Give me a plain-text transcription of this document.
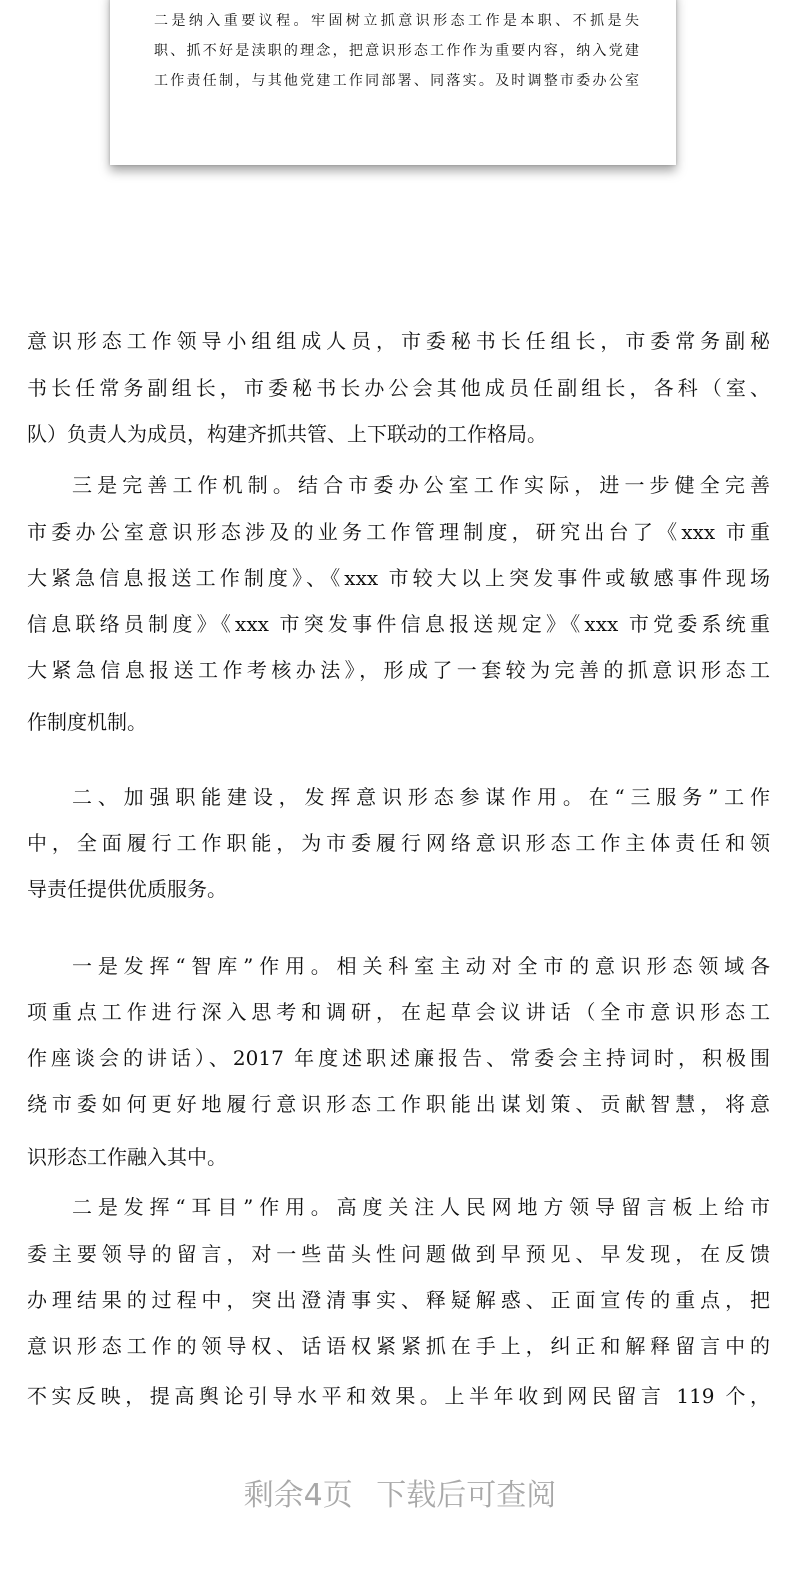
二是纳入重要议程。牢固树立抓意识形态工作是本职、不抓是失
职、抓不好是渎职的理念，把意识形态工作作为重要内容，纳入党建
工作责任制，与其他党建工作同部署、同落实。及时调整市委办公室
意识形态工作领导小组组成人员，市委秘书长任组长，市委常务副秘
书长任常务副组长，市委秘书长办公会其他成员任副组长，各科（室、
队）负责人为成员，构建齐抓共管、上下联动的工作格局。
三是完善工作机制。结合市委办公室工作实际，进一步健全完善
市委办公室意识形态涉及的业务工作管理制度，研究出台了《xxx 市重
大紧急信息报送工作制度》、《xxx 市较大以上突发事件或敏感事件现场
信息联络员制度》《xxx 市突发事件信息报送规定》《xxx 市党委系统重
大紧急信息报送工作考核办法》，形成了一套较为完善的抓意识形态工
作制度机制。
二、加强职能建设，发挥意识形态参谋作用。在“三服务”工作
中，全面履行工作职能，为市委履行网络意识形态工作主体责任和领
导责任提供优质服务。
一是发挥“智库”作用。相关科室主动对全市的意识形态领域各
项重点工作进行深入思考和调研，在起草会议讲话（全市意识形态工
作座谈会的讲话）、2017 年度述职述廉报告、常委会主持词时，积极围
绕市委如何更好地履行意识形态工作职能出谋划策、贡献智慧，将意
识形态工作融入其中。
二是发挥“耳目”作用。高度关注人民网地方领导留言板上给市
委主要领导的留言，对一些苗头性问题做到早预见、早发现，在反馈
办理结果的过程中，突出澄清事实、释疑解惑、正面宣传的重点，把
意识形态工作的领导权、话语权紧紧抓在手上，纠正和解释留言中的
不实反映，提高舆论引导水平和效果。上半年收到网民留言 119 个，
剩余4页 下载后可查阅
